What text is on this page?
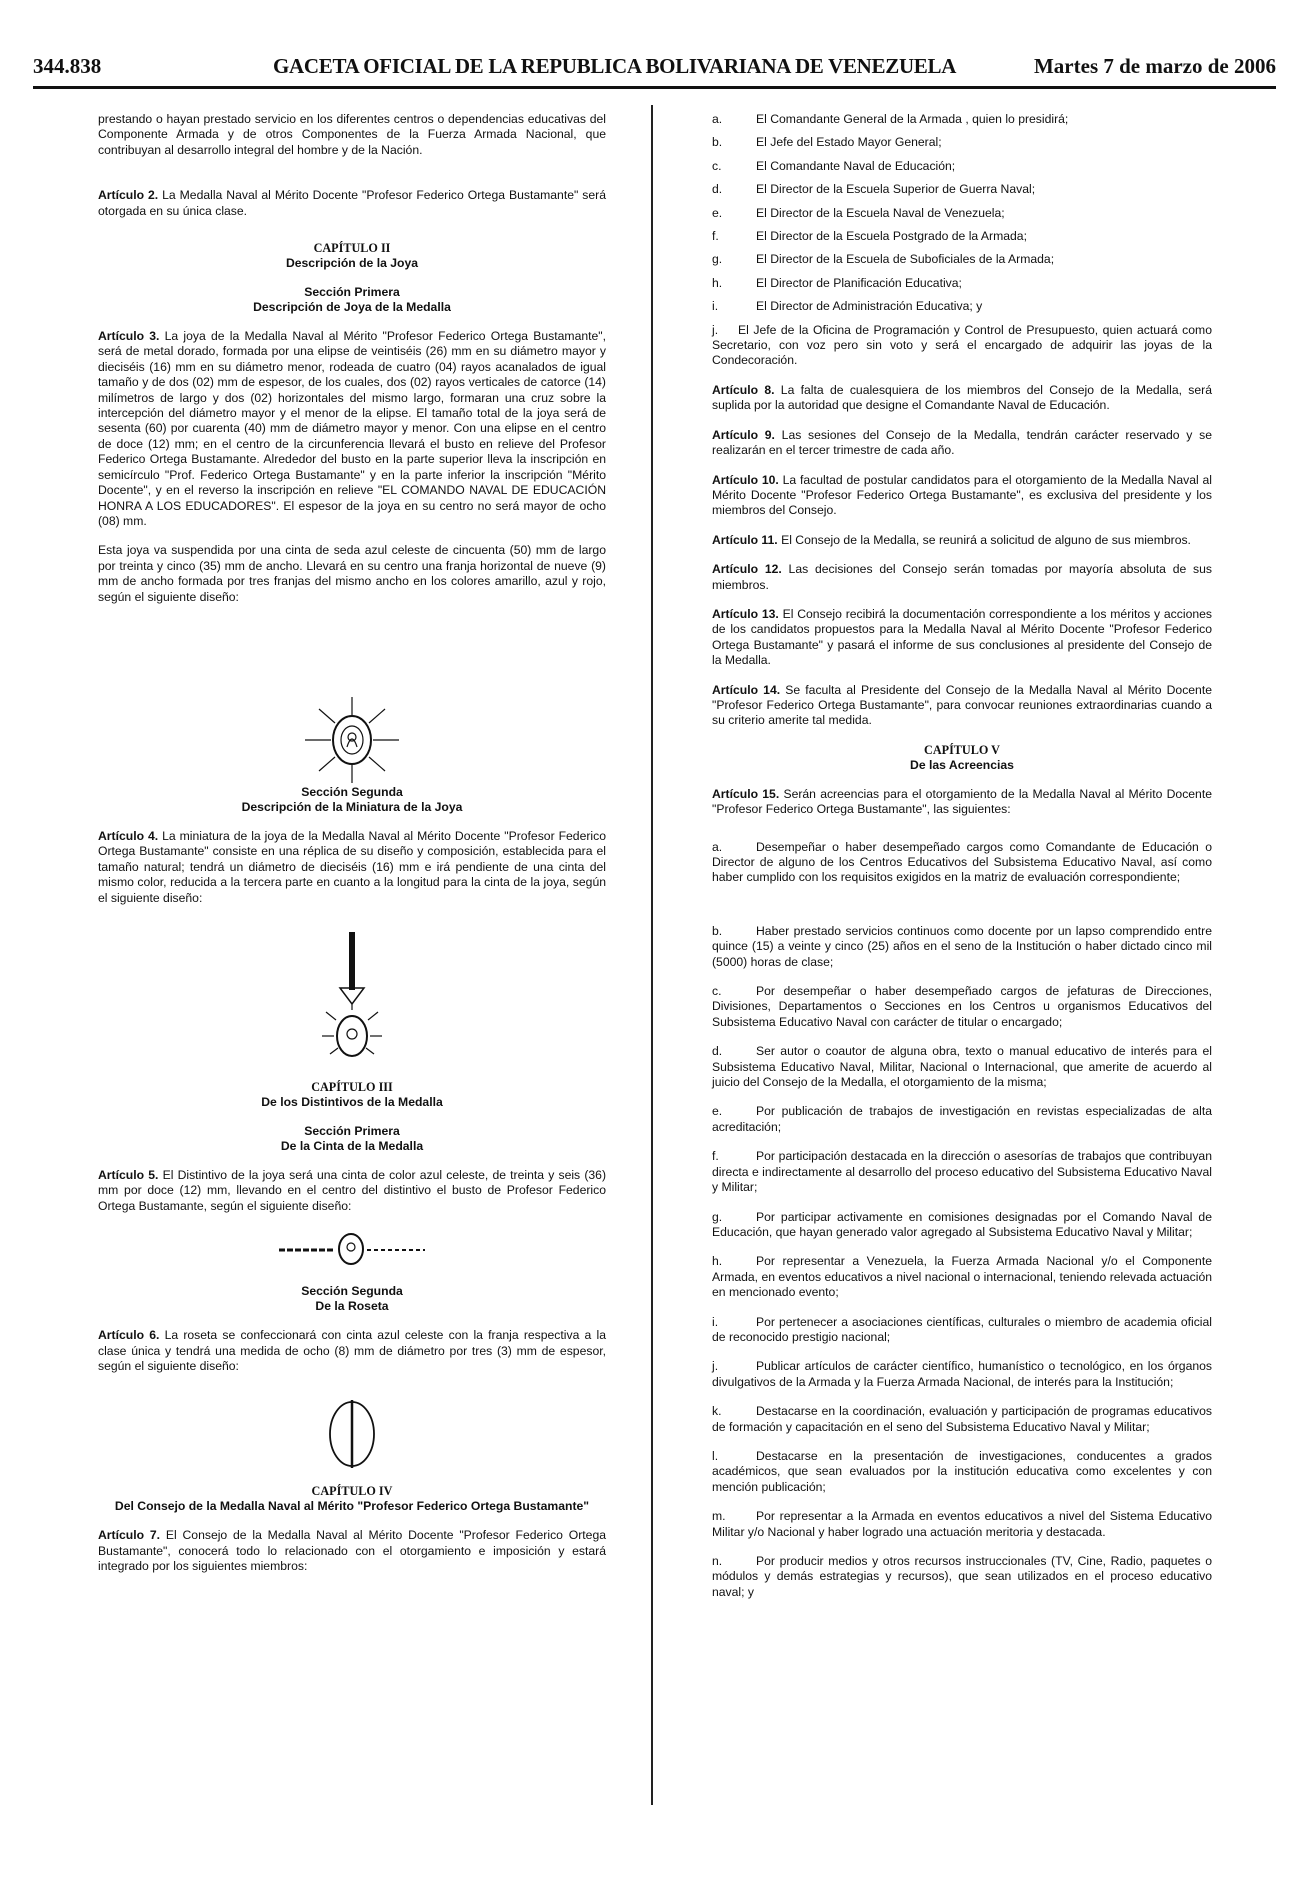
344.838	GACETA OFICIAL DE LA REPUBLICA BOLIVARIANA DE VENEZUELA	Martes 7 de marzo de 2006

prestando o hayan prestado servicio en los diferentes centros o dependencias educativas del Componente Armada y de otros Componentes de la Fuerza Armada Nacional, que contribuyan al desarrollo integral del hombre y de la Nación.

Artículo 2. La Medalla Naval al Mérito Docente "Profesor Federico Ortega Bustamante" será otorgada en su única clase.

CAPÍTULO II
Descripción de la Joya
Sección Primera
Descripción de Joya de la Medalla

Artículo 3. La joya de la Medalla Naval al Mérito "Profesor Federico Ortega Bustamante", será de metal dorado, formada por una elipse de veintiséis (26) mm en su diámetro mayor y dieciséis (16) mm en su diámetro menor, rodeada de cuatro (04) rayos acanalados de igual tamaño y de dos (02) mm de espesor, de los cuales, dos (02) rayos verticales de catorce (14) milímetros de largo y dos (02) horizontales del mismo largo, formaran una cruz sobre la intercepción del diámetro mayor y el menor de la elipse. El tamaño total de la joya será de sesenta (60) por cuarenta (40) mm de diámetro mayor y menor. Con una elipse en el centro de doce (12) mm; en el centro de la circunferencia llevará el busto en relieve del Profesor Federico Ortega Bustamante. Alrededor del busto en la parte superior lleva la inscripción en semicírculo "Prof. Federico Ortega Bustamante" y en la parte inferior la inscripción "Mérito Docente", y en el reverso la inscripción en relieve "EL COMANDO NAVAL DE EDUCACIÓN HONRA A LOS EDUCADORES". El espesor de la joya en su centro no será mayor de ocho (08) mm.

Esta joya va suspendida por una cinta de seda azul celeste de cincuenta (50) mm de largo por treinta y cinco (35) mm de ancho. Llevará en su centro una franja horizontal de nueve (9) mm de ancho formada por tres franjas del mismo ancho en los colores amarillo, azul y rojo, según el siguiente diseño:

Sección Segunda
Descripción de la Miniatura de la Joya

Artículo 4. La miniatura de la joya de la Medalla Naval al Mérito Docente "Profesor Federico Ortega Bustamante" consiste en una réplica de su diseño y composición, establecida para el tamaño natural; tendrá un diámetro de dieciséis (16) mm e irá pendiente de una cinta del mismo color, reducida a la tercera parte en cuanto a la longitud para la cinta de la joya, según el siguiente diseño:

CAPÍTULO III
De los Distintivos de la Medalla
Sección Primera
De la Cinta de la Medalla

Artículo 5. El Distintivo de la joya será una cinta de color azul celeste, de treinta y seis (36) mm por doce (12) mm, llevando en el centro del distintivo el busto de Profesor Federico Ortega Bustamante, según el siguiente diseño:

Sección Segunda
De la Roseta

Artículo 6. La roseta se confeccionará con cinta azul celeste con la franja respectiva a la clase única y tendrá una medida de ocho (8) mm de diámetro por tres (3) mm de espesor, según el siguiente diseño:

CAPÍTULO IV
Del Consejo de la Medalla Naval al Mérito "Profesor Federico Ortega Bustamante"

Artículo 7. El Consejo de la Medalla Naval al Mérito Docente "Profesor Federico Ortega Bustamante", conocerá todo lo relacionado con el otorgamiento e imposición y estará integrado por los siguientes miembros:

a.	El Comandante General de la Armada , quien lo presidirá;
b.	El Jefe del Estado Mayor General;
c.	El Comandante Naval de Educación;
d.	El Director de la Escuela Superior de Guerra Naval;
e.	El Director de la Escuela Naval de Venezuela;
f.	El Director de la Escuela Postgrado de la Armada;
g.	El Director de la Escuela de Suboficiales de la Armada;
h.	El Director de Planificación Educativa;
i.	El Director de Administración Educativa; y

j. El Jefe de la Oficina de Programación y Control de Presupuesto, quien actuará como Secretario, con voz pero sin voto y será el encargado de adquirir las joyas de la Condecoración.

Artículo 8. La falta de cualesquiera de los miembros del Consejo de la Medalla, será suplida por la autoridad que designe el Comandante Naval de Educación.

Artículo 9. Las sesiones del Consejo de la Medalla, tendrán carácter reservado y se realizarán en el tercer trimestre de cada año.

Artículo 10. La facultad de postular candidatos para el otorgamiento de la Medalla Naval al Mérito Docente "Profesor Federico Ortega Bustamante", es exclusiva del presidente y los miembros del Consejo.

Artículo 11. El Consejo de la Medalla, se reunirá a solicitud de alguno de sus miembros.

Artículo 12. Las decisiones del Consejo serán tomadas por mayoría absoluta de sus miembros.

Artículo 13. El Consejo recibirá la documentación correspondiente a los méritos y acciones de los candidatos propuestos para la Medalla Naval al Mérito Docente "Profesor Federico Ortega Bustamante" y pasará el informe de sus conclusiones al presidente del Consejo de la Medalla.

Artículo 14. Se faculta al Presidente del Consejo de la Medalla Naval al Mérito Docente "Profesor Federico Ortega Bustamante", para convocar reuniones extraordinarias cuando a su criterio amerite tal medida.

CAPÍTULO V
De las Acreencias

Artículo 15. Serán acreencias para el otorgamiento de la Medalla Naval al Mérito Docente "Profesor Federico Ortega Bustamante", las siguientes:

a.	Desempeñar o haber desempeñado cargos como Comandante de Educación o Director de alguno de los Centros Educativos del Subsistema Educativo Naval, así como haber cumplido con los requisitos exigidos en la matriz de evaluación correspondiente;

b.	Haber prestado servicios continuos como docente por un lapso comprendido entre quince (15) a veinte y cinco (25) años en el seno de la Institución o haber dictado cinco mil (5000) horas de clase;

c.	Por desempeñar o haber desempeñado cargos de jefaturas de Direcciones, Divisiones, Departamentos o Secciones en los Centros u organismos Educativos del Subsistema Educativo Naval con carácter de titular o encargado;

d.	Ser autor o coautor de alguna obra, texto o manual educativo de interés para el Subsistema Educativo Naval, Militar, Nacional o Internacional, que amerite de acuerdo al juicio del Consejo de la Medalla, el otorgamiento de la misma;

e.	Por publicación de trabajos de investigación en revistas especializadas de alta acreditación;

f.	Por participación destacada en la dirección o asesorías de trabajos que contribuyan directa e indirectamente al desarrollo del proceso educativo del Subsistema Educativo Naval y Militar;

g.	Por participar activamente en comisiones designadas por el Comando Naval de Educación, que hayan generado valor agregado al Subsistema Educativo Naval y Militar;

h.	Por representar a Venezuela, la Fuerza Armada Nacional y/o el Componente Armada, en eventos educativos a nivel nacional o internacional, teniendo relevada actuación en mencionado evento;

i.	Por pertenecer a asociaciones científicas, culturales o miembro de academia oficial de reconocido prestigio nacional;

j.	Publicar artículos de carácter científico, humanístico o tecnológico, en los órganos divulgativos de la Armada y la Fuerza Armada Nacional, de interés para la Institución;

k.	Destacarse en la coordinación, evaluación y participación de programas educativos de formación y capacitación en el seno del Subsistema Educativo Naval y Militar;

l.	Destacarse en la presentación de investigaciones, conducentes a grados académicos, que sean evaluados por la institución educativa como excelentes y con mención publicación;

m. Por representar a la Armada en eventos educativos a nivel del Sistema Educativo Militar y/o Nacional y haber logrado una actuación meritoria y destacada.

n.	Por producir medios y otros recursos instruccionales (TV, Cine, Radio, paquetes o módulos y demás estrategias y recursos), que sean utilizados en el proceso educativo naval; y
